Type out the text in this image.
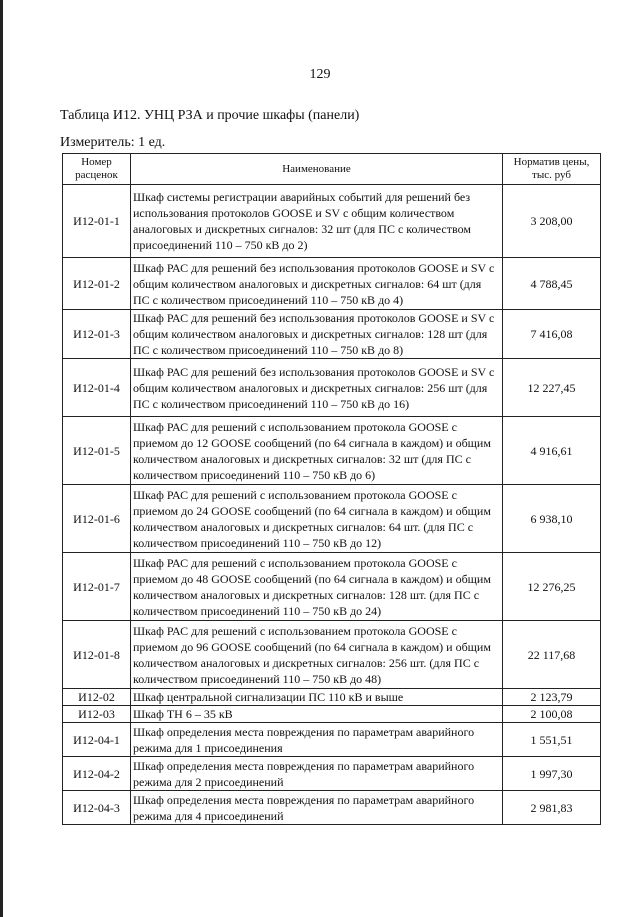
129
Таблица И12. УНЦ РЗА и прочие шкафы (панели)
Измеритель: 1 ед.
Номер расценок	Наименование	Норматив цены, тыс. руб
И12-01-1	Шкаф системы регистрации аварийных событий для решений без использования протоколов GOOSE и SV с общим количеством аналоговых и дискретных сигналов: 32 шт (для ПС с количеством присоединений 110 – 750 кВ до 2)	3 208,00
И12-01-2	Шкаф РАС для решений без использования протоколов GOOSE и SV с общим количеством аналоговых и дискретных сигналов: 64 шт (для ПС с количеством присоединений 110 – 750 кВ до 4)	4 788,45
И12-01-3	Шкаф РАС для решений без использования протоколов GOOSE и SV с общим количеством аналоговых и дискретных сигналов: 128 шт (для ПС с количеством присоединений 110 – 750 кВ до 8)	7 416,08
И12-01-4	Шкаф РАС для решений без использования протоколов GOOSE и SV с общим количеством аналоговых и дискретных сигналов: 256 шт (для ПС с количеством присоединений 110 – 750 кВ до 16)	12 227,45
И12-01-5	Шкаф РАС для решений с использованием протокола GOOSE с приемом до 12 GOOSE сообщений (по 64 сигнала в каждом) и общим количеством аналоговых и дискретных сигналов: 32 шт (для ПС с количеством присоединений 110 – 750 кВ до 6)	4 916,61
И12-01-6	Шкаф РАС для решений с использованием протокола GOOSE с приемом до 24 GOOSE сообщений (по 64 сигнала в каждом) и общим количеством аналоговых и дискретных сигналов: 64 шт. (для ПС с количеством присоединений 110 – 750 кВ до 12)	6 938,10
И12-01-7	Шкаф РАС для решений с использованием протокола GOOSE с приемом до 48 GOOSE сообщений (по 64 сигнала в каждом) и общим количеством аналоговых и дискретных сигналов: 128 шт. (для ПС с количеством присоединений 110 – 750 кВ до 24)	12 276,25
И12-01-8	Шкаф РАС для решений с использованием протокола GOOSE с приемом до 96 GOOSE сообщений (по 64 сигнала в каждом) и общим количеством аналоговых и дискретных сигналов: 256 шт. (для ПС с количеством присоединений 110 – 750 кВ до 48)	22 117,68
И12-02	Шкаф центральной сигнализации ПС 110 кВ и выше	2 123,79
И12-03	Шкаф ТН 6 – 35 кВ	2 100,08
И12-04-1	Шкаф определения места повреждения по параметрам аварийного режима для 1 присоединения	1 551,51
И12-04-2	Шкаф определения места повреждения по параметрам аварийного режима для 2 присоединений	1 997,30
И12-04-3	Шкаф определения места повреждения по параметрам аварийного режима для 4 присоединений	2 981,83
